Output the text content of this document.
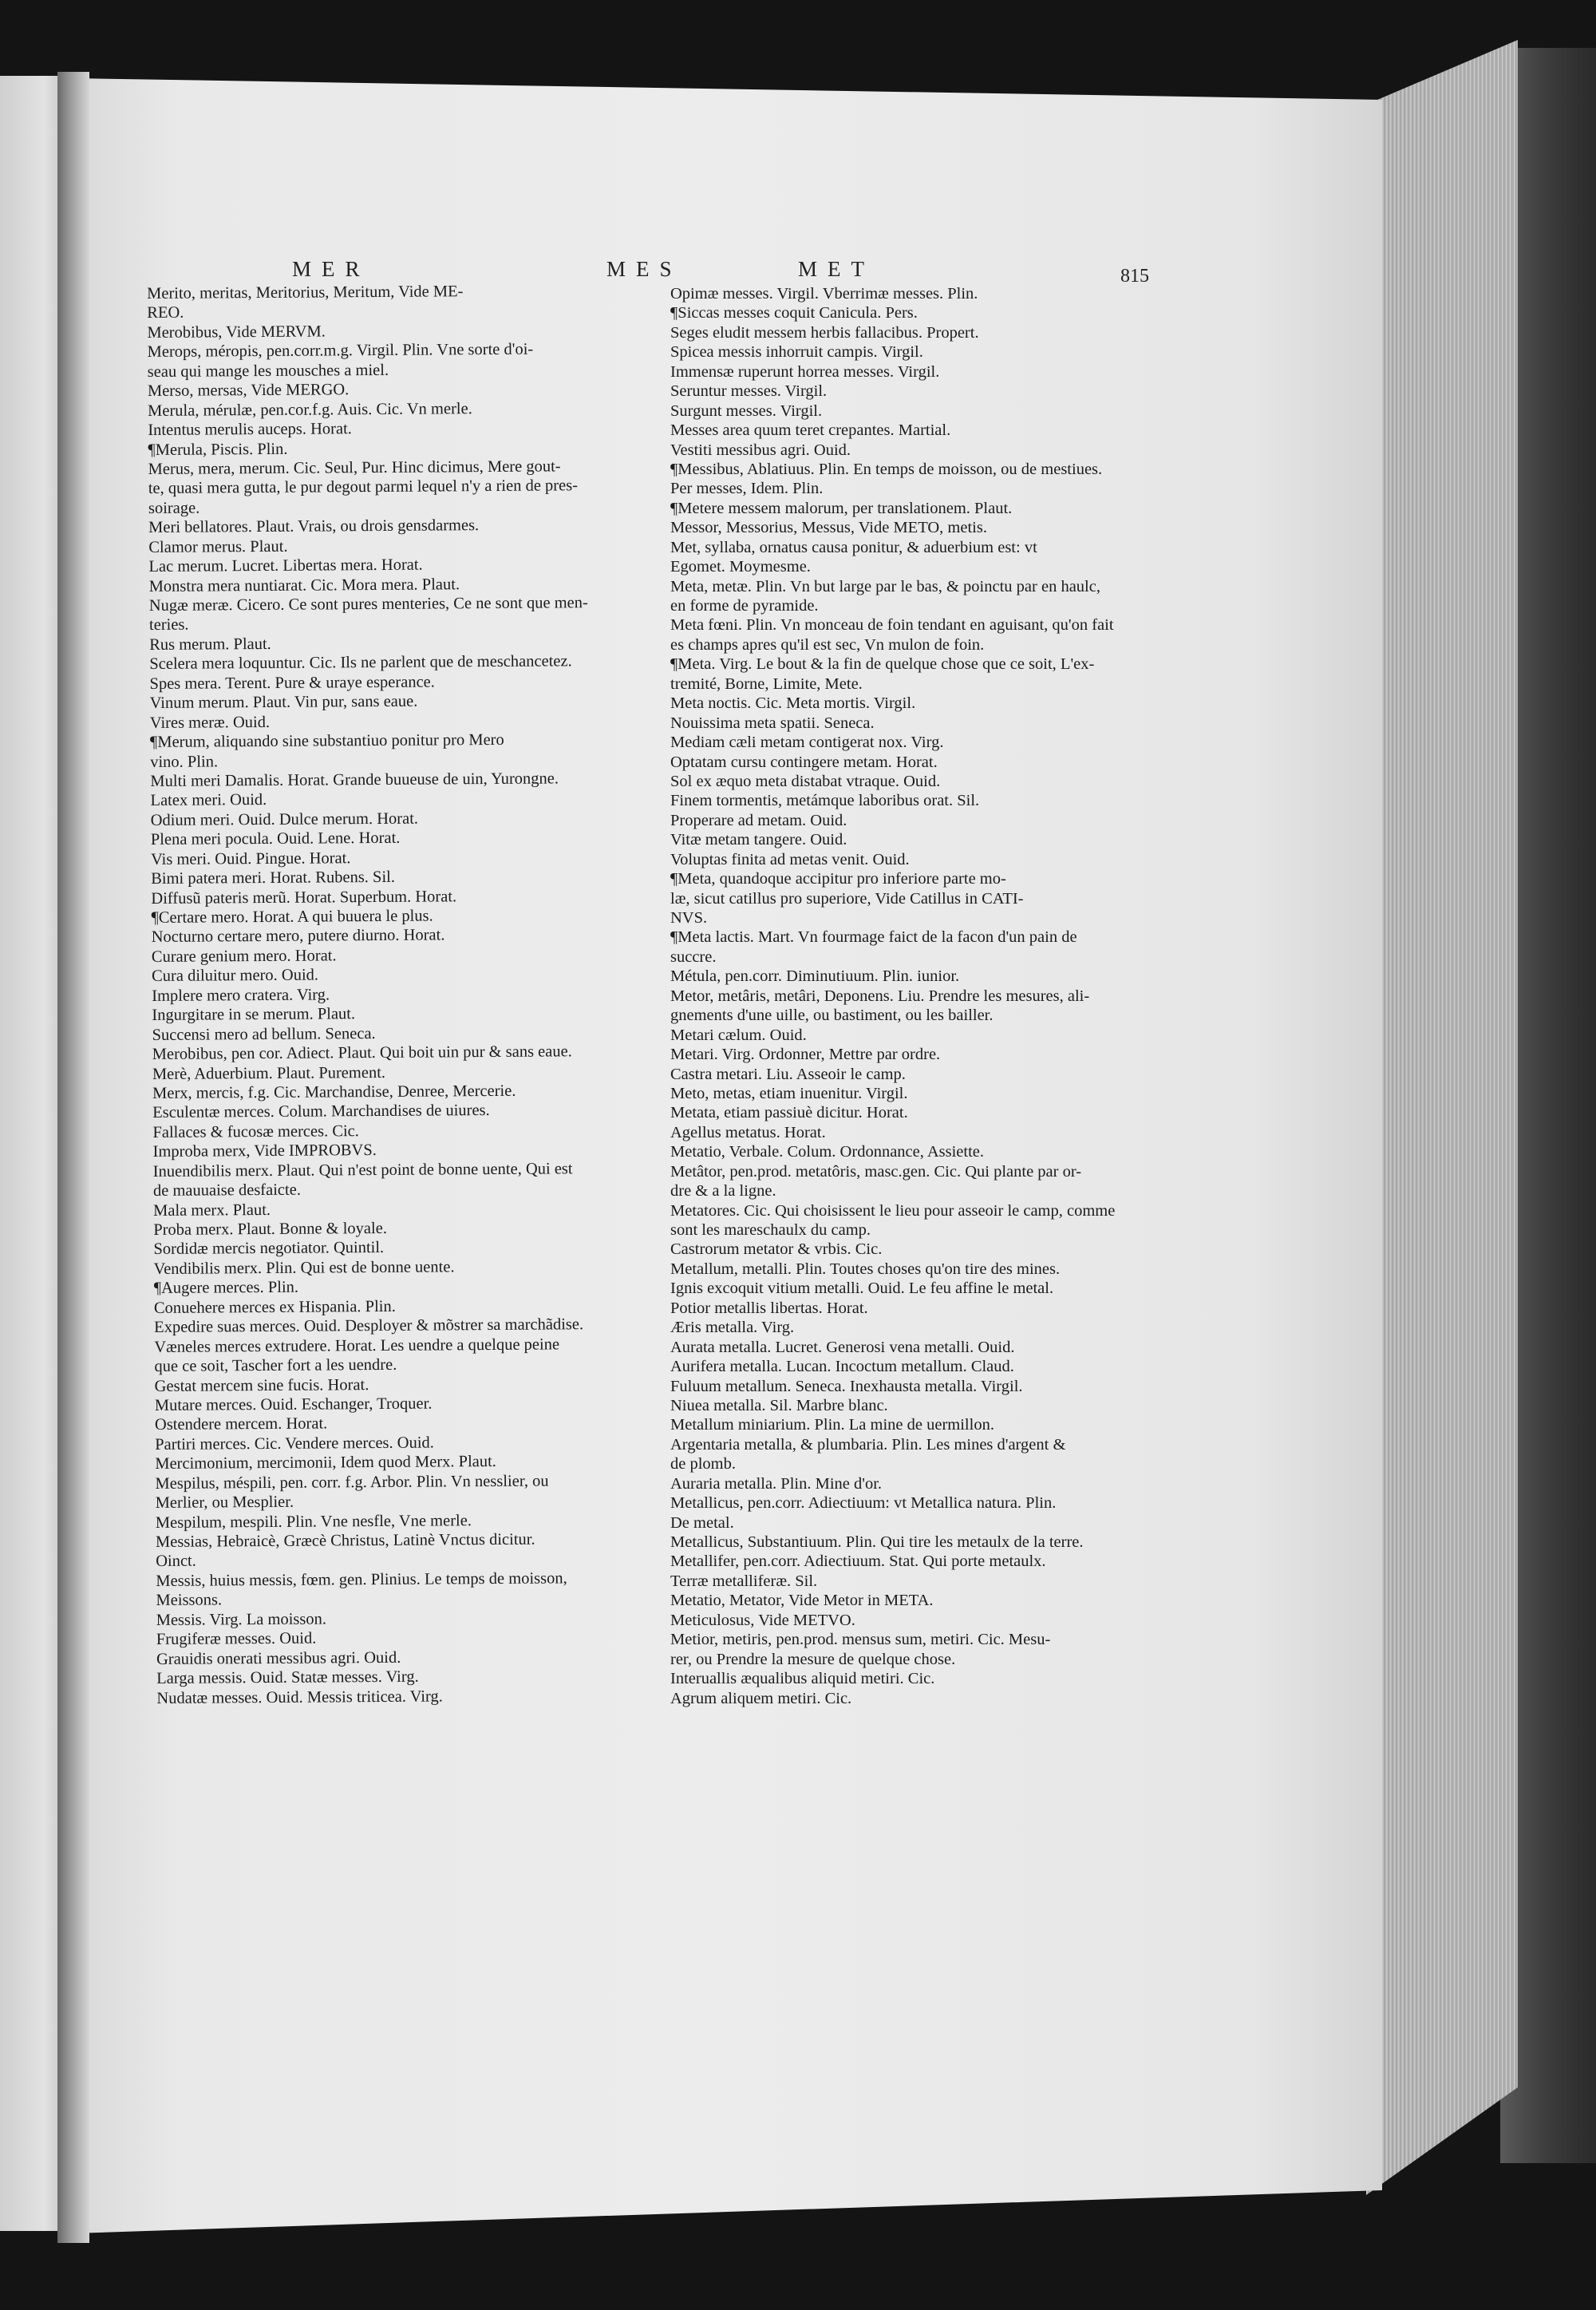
MER	MES	MET	815
Merito, meritas, Meritorius, Meritum, Vide ME-
REO.
Merobibus, Vide MERVM.
Merops, méropis, pen.corr.m.g. Virgil. Plin. Vne sorte d'oi-
seau qui mange les mousches a miel.
Merso, mersas, Vide MERGO.
Merula, mérulæ, pen.cor.f.g. Auis. Cic. Vn merle.
Intentus merulis auceps. Horat.
¶Merula, Piscis. Plin.
Merus, mera, merum. Cic. Seul, Pur. Hinc dicimus, Mere gout-
te, quasi mera gutta, le pur degout parmi lequel n'y a rien de pres-
soirage.
Meri bellatores. Plaut. Vrais, ou drois gensdarmes.
Clamor merus. Plaut.
Lac merum. Lucret. Libertas mera. Horat.
Monstra mera nuntiarat. Cic. Mora mera. Plaut.
Nugæ meræ. Cicero. Ce sont pures menteries, Ce ne sont que men-
teries.
Rus merum. Plaut.
Scelera mera loquuntur. Cic. Ils ne parlent que de meschancetez.
Spes mera. Terent. Pure & uraye esperance.
Vinum merum. Plaut. Vin pur, sans eaue.
Vires meræ. Ouid.
¶Merum, aliquando sine substantiuo ponitur pro Mero
vino. Plin.
Multi meri Damalis. Horat. Grande buueuse de uin, Yurongne.
Latex meri. Ouid.
Odium meri. Ouid. Dulce merum. Horat.
Plena meri pocula. Ouid. Lene. Horat.
Vis meri. Ouid. Pingue. Horat.
Bimi patera meri. Horat. Rubens. Sil.
Diffusũ pateris merũ. Horat. Superbum. Horat.
¶Certare mero. Horat. A qui buuera le plus.
Nocturno certare mero, putere diurno. Horat.
Curare genium mero. Horat.
Cura diluitur mero. Ouid.
Implere mero cratera. Virg.
Ingurgitare in se merum. Plaut.
Succensi mero ad bellum. Seneca.
Merobibus, pen cor. Adiect. Plaut. Qui boit uin pur & sans eaue.
Merè, Aduerbium. Plaut. Purement.
Merx, mercis, f.g. Cic. Marchandise, Denree, Mercerie.
Esculentæ merces. Colum. Marchandises de uiures.
Fallaces & fucosæ merces. Cic.
Improba merx, Vide IMPROBVS.
Inuendibilis merx. Plaut. Qui n'est point de bonne uente, Qui est
de mauuaise desfaicte.
Mala merx. Plaut.
Proba merx. Plaut. Bonne & loyale.
Sordidæ mercis negotiator. Quintil.
Vendibilis merx. Plin. Qui est de bonne uente.
¶Augere merces. Plin.
Conuehere merces ex Hispania. Plin.
Expedire suas merces. Ouid. Desployer & mõstrer sa marchãdise.
Væneles merces extrudere. Horat. Les uendre a quelque peine
que ce soit, Tascher fort a les uendre.
Gestat mercem sine fucis. Horat.
Mutare merces. Ouid. Eschanger, Troquer.
Ostendere mercem. Horat.
Partiri merces. Cic. Vendere merces. Ouid.
Mercimonium, mercimonii, Idem quod Merx. Plaut.
Mespilus, méspili, pen. corr. f.g. Arbor. Plin. Vn nesslier, ou
Merlier, ou Mesplier.
Mespilum, mespili. Plin. Vne nesfle, Vne merle.
Messias, Hebraicè, Græcè Christus, Latinè Vnctus dicitur.
Oinct.
Messis, huius messis, fœm. gen. Plinius. Le temps de moisson,
Meissons.
Messis. Virg. La moisson.
Frugiferæ messes. Ouid.
Grauidis onerati messibus agri. Ouid.
Larga messis. Ouid. Statæ messes. Virg.
Nudatæ messes. Ouid. Messis triticea. Virg.
Opimæ messes. Virgil. Vberrimæ messes. Plin.
¶Siccas messes coquit Canicula. Pers.
Seges eludit messem herbis fallacibus. Propert.
Spicea messis inhorruit campis. Virgil.
Immensæ ruperunt horrea messes. Virgil.
Seruntur messes. Virgil.
Surgunt messes. Virgil.
Messes area quum teret crepantes. Martial.
Vestiti messibus agri. Ouid.
¶Messibus, Ablatiuus. Plin. En temps de moisson, ou de mestiues.
Per messes, Idem. Plin.
¶Metere messem malorum, per translationem. Plaut.
Messor, Messorius, Messus, Vide METO, metis.
Met, syllaba, ornatus causa ponitur, & aduerbium est: vt
Egomet. Moymesme.
Meta, metæ. Plin. Vn but large par le bas, & poinctu par en haulc,
en forme de pyramide.
Meta fœni. Plin. Vn monceau de foin tendant en aguisant, qu'on fait
es champs apres qu'il est sec, Vn mulon de foin.
¶Meta. Virg. Le bout & la fin de quelque chose que ce soit, L'ex-
tremité, Borne, Limite, Mete.
Meta noctis. Cic. Meta mortis. Virgil.
Nouissima meta spatii. Seneca.
Mediam cæli metam contigerat nox. Virg.
Optatam cursu contingere metam. Horat.
Sol ex æquo meta distabat vtraque. Ouid.
Finem tormentis, metámque laboribus orat. Sil.
Properare ad metam. Ouid.
Vitæ metam tangere. Ouid.
Voluptas finita ad metas venit. Ouid.
¶Meta, quandoque accipitur pro inferiore parte mo-
læ, sicut catillus pro superiore, Vide Catillus in CATI-
NVS.
¶Meta lactis. Mart. Vn fourmage faict de la facon d'un pain de
succre.
Métula, pen.corr. Diminutiuum. Plin. iunior.
Metor, metâris, metâri, Deponens. Liu. Prendre les mesures, ali-
gnements d'une uille, ou bastiment, ou les bailler.
Metari cælum. Ouid.
Metari. Virg. Ordonner, Mettre par ordre.
Castra metari. Liu. Asseoir le camp.
Meto, metas, etiam inuenitur. Virgil.
Metata, etiam passiuè dicitur. Horat.
Agellus metatus. Horat.
Metatio, Verbale. Colum. Ordonnance, Assiette.
Metâtor, pen.prod. metatôris, masc.gen. Cic. Qui plante par or-
dre & a la ligne.
Metatores. Cic. Qui choisissent le lieu pour asseoir le camp, comme
sont les mareschaulx du camp.
Castrorum metator & vrbis. Cic.
Metallum, metalli. Plin. Toutes choses qu'on tire des mines.
Ignis excoquit vitium metalli. Ouid. Le feu affine le metal.
Potior metallis libertas. Horat.
Æris metalla. Virg.
Aurata metalla. Lucret. Generosi vena metalli. Ouid.
Aurifera metalla. Lucan. Incoctum metallum. Claud.
Fuluum metallum. Seneca. Inexhausta metalla. Virgil.
Niuea metalla. Sil. Marbre blanc.
Metallum miniarium. Plin. La mine de uermillon.
Argentaria metalla, & plumbaria. Plin. Les mines d'argent &
de plomb.
Auraria metalla. Plin. Mine d'or.
Metallicus, pen.corr. Adiectiuum: vt Metallica natura. Plin.
De metal.
Metallicus, Substantiuum. Plin. Qui tire les metaulx de la terre.
Metallifer, pen.corr. Adiectiuum. Stat. Qui porte metaulx.
Terræ metalliferæ. Sil.
Metatio, Metator, Vide Metor in META.
Meticulosus, Vide METVO.
Metior, metiris, pen.prod. mensus sum, metiri. Cic. Mesu-
rer, ou Prendre la mesure de quelque chose.
Interuallis æqualibus aliquid metiri. Cic.
Agrum aliquem metiri. Cic.
